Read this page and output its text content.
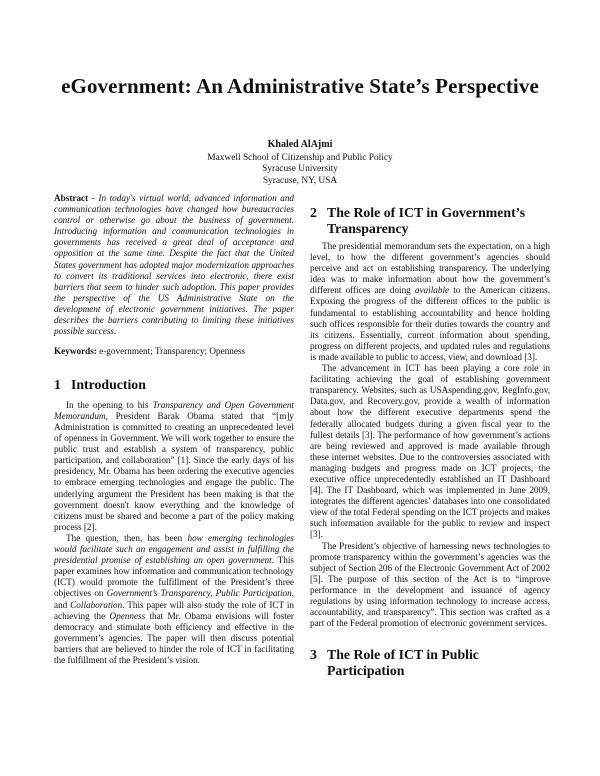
eGovernment: An Administrative State’s Perspective
Khaled AlAjmi
Maxwell School of Citizenship and Public Policy
Syracuse University
Syracuse, NY, USA

Abstract - In today's virtual world, advanced information and communication technologies have changed how bureaucracies control or otherwise go about the business of government. Introducing information and communication technologies in governments has received a great deal of acceptance and opposition at the same time. Despite the fact that the United States government has adopted major modernization approaches to convert its traditional services into electronic, there exist barriers that seem to hinder such adoption. This paper provides the perspective of the US Administrative State on the development of electronic government initiatives. The paper describes the barriers contributing to limiting these initiatives possible success.

Keywords: e-government; Transparency; Openness

1 Introduction

In the opening to his Transparency and Open Government Memorandum, President Barak Obama stated that “[m]y Administration is committed to creating an unprecedented level of openness in Government. We will work together to ensure the public trust and establish a system of transparency, public participation, and collaboration” [1]. Since the early days of his presidency, Mr. Obama has been ordering the executive agencies to embrace emerging technologies and engage the public. The underlying argument the President has been making is that the government doesn't know everything and the knowledge of citizens must be shared and become a part of the policy making process [2].

The question, then, has been how emerging technologies would facilitate such an engagement and assist in fulfilling the presidential promise of establishing an open government. This paper examines how information and communication technology (ICT) would promote the fulfillment of the President’s three objectives on Government’s Transparency, Public Participation, and Collaboration. This paper will also study the role of ICT in achieving the Openness that Mr. Obama envisions will foster democracy and stimulate both efficiency and effective in the government’s agencies. The paper will then discuss potential barriers that are believed to hinder the role of ICT in facilitating the fulfillment of the President’s vision.

2 The Role of ICT in Government’s Transparency

The presidential memorandum sets the expectation, on a high level, to how the different government’s agencies should perceive and act on establishing transparency. The underlying idea was to make information about how the government’s different offices are doing available to the American citizens. Exposing the progress of the different offices to the public is fundamental to establishing accountability and hence holding such offices responsible for their duties towards the country and its citizens. Essentially, current information about spending, progress on different projects, and updated rules and regulations is made available to public to access, view, and download [3].

The advancement in ICT has been playing a core role in facilitating achieving the goal of establishing government transparency. Websites, such as USAspending.gov, RegInfo.gov, Data.gov, and Recovery.gov, provide a wealth of information about how the different executive departments spend the federally allocated budgets during a given fiscal year to the fullest details [3]. The performance of how government’s actions are being reviewed and approved is made available through these internet websites. Due to the controversies associated with managing budgets and progress made on ICT projects, the executive office unprecedentedly established an IT Dashboard [4]. The IT Dashboard, which was implemented in June 2009, integrates the different agencies’ databases into one consolidated view of the total Federal spending on the ICT projects and makes such information available for the public to review and inspect [3].

The President’s objective of harnessing news technologies to promote transparency within the government’s agencies was the subject of Section 206 of the Electronic Government Act of 2002 [5]. The purpose of this section of the Act is to “improve performance in the development and issuance of agency regulations by using information technology to increase access, accountability, and transparency”. This section was crafted as a part of the Federal promotion of electronic government services.

3 The Role of ICT in Public Participation
